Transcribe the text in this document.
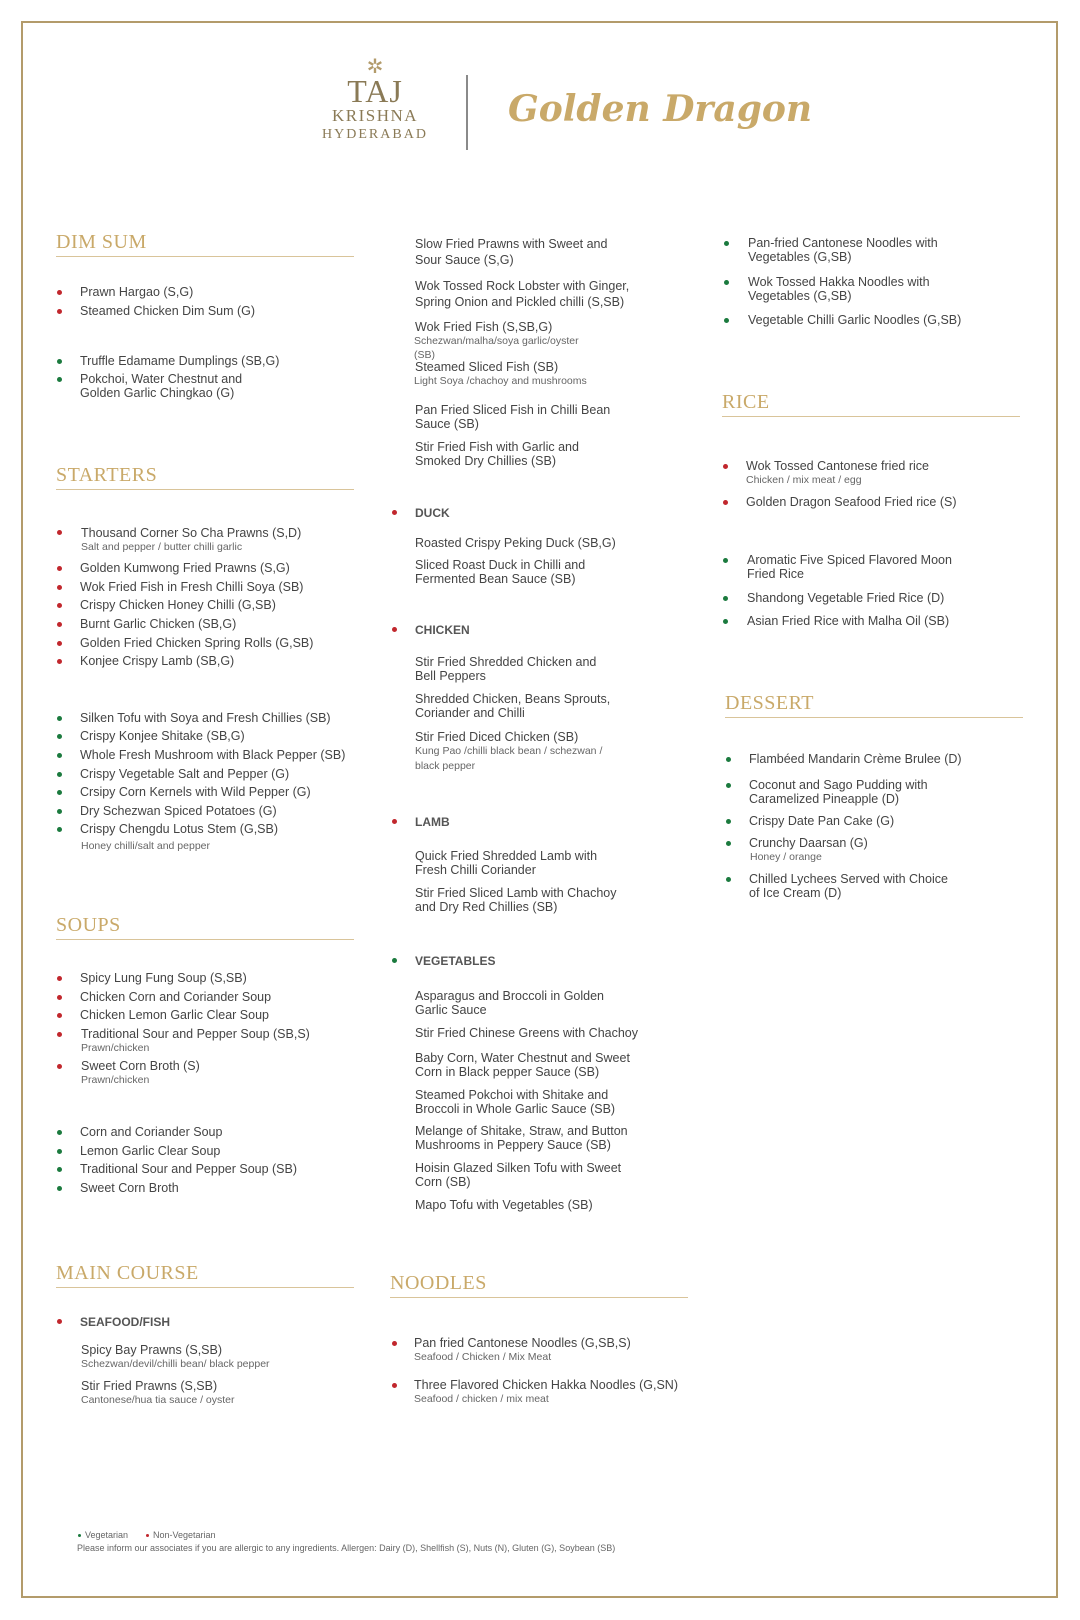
✲
TAJ
KRISHNA
HYDERABAD
Golden Dragon
DIM SUM
Prawn Hargao (S,G)
Steamed Chicken Dim Sum (G)
Truffle Edamame Dumplings (SB,G)
Pokchoi, Water Chestnut and
Golden Garlic Chingkao (G)
STARTERS
Thousand Corner So Cha Prawns (S,D)
Salt and pepper / butter chilli garlic
Golden Kumwong Fried Prawns (S,G)
Wok Fried Fish in Fresh Chilli Soya (SB)
Crispy Chicken Honey Chilli (G,SB)
Burnt Garlic Chicken (SB,G)
Golden Fried Chicken Spring Rolls (G,SB)
Konjee Crispy Lamb (SB,G)
Silken Tofu with Soya and Fresh Chillies (SB)
Crispy Konjee Shitake (SB,G)
Whole Fresh Mushroom with Black Pepper (SB)
Crispy Vegetable Salt and Pepper (G)
Crsipy Corn Kernels with Wild Pepper (G)
Dry Schezwan Spiced Potatoes (G)
Crispy Chengdu Lotus Stem (G,SB)
Honey chilli/salt and pepper
SOUPS
Spicy Lung Fung Soup (S,SB)
Chicken Corn and Coriander Soup
Chicken Lemon Garlic Clear Soup
Traditional Sour and Pepper Soup (SB,S)
Prawn/chicken
Sweet Corn Broth (S)
Prawn/chicken
Corn and Coriander Soup
Lemon Garlic Clear Soup
Traditional Sour and Pepper Soup (SB)
Sweet Corn Broth
MAIN COURSE
SEAFOOD/FISH
Spicy Bay Prawns (S,SB)
Schezwan/devil/chilli bean/ black pepper
Stir Fried Prawns (S,SB)
Cantonese/hua tia sauce / oyster
Slow Fried Prawns with Sweet and
Sour Sauce (S,G)
Wok Tossed Rock Lobster with Ginger,
Spring Onion and Pickled chilli (S,SB)
Wok Fried Fish (S,SB,G)
Schezwan/malha/soya garlic/oyster
(SB)
Steamed Sliced Fish (SB)
Light Soya /chachoy and mushrooms
Pan Fried Sliced Fish in Chilli Bean
Sauce (SB)
Stir Fried Fish with Garlic and
Smoked Dry Chillies (SB)
DUCK
Roasted Crispy Peking Duck (SB,G)
Sliced Roast Duck in Chilli and
Fermented Bean Sauce (SB)
CHICKEN
Stir Fried Shredded Chicken and
Bell Peppers
Shredded Chicken, Beans Sprouts,
Coriander and Chilli
Stir Fried Diced Chicken (SB)
Kung Pao /chilli black bean / schezwan /
black pepper
LAMB
Quick Fried Shredded Lamb with
Fresh Chilli Coriander
Stir Fried Sliced Lamb with Chachoy
and Dry Red Chillies (SB)
VEGETABLES
Asparagus and Broccoli in Golden
Garlic Sauce
Stir Fried Chinese Greens with Chachoy
Baby Corn, Water Chestnut and Sweet
Corn in Black pepper Sauce (SB)
Steamed Pokchoi with Shitake and
Broccoli in Whole Garlic Sauce (SB)
Melange of Shitake, Straw, and Button
Mushrooms in Peppery Sauce (SB)
Hoisin Glazed Silken Tofu with Sweet
Corn (SB)
Mapo Tofu with Vegetables (SB)
NOODLES
Pan fried Cantonese Noodles (G,SB,S)
Seafood / Chicken / Mix Meat
Three Flavored Chicken Hakka Noodles (G,SN)
Seafood / chicken / mix meat
Pan-fried Cantonese Noodles with
Vegetables (G,SB)
Wok Tossed Hakka Noodles with
Vegetables (G,SB)
Vegetable Chilli Garlic Noodles (G,SB)
RICE
Wok Tossed Cantonese fried rice
Chicken / mix meat / egg
Golden Dragon Seafood Fried rice (S)
Aromatic Five Spiced Flavored Moon
Fried Rice
Shandong Vegetable Fried Rice (D)
Asian Fried Rice with Malha Oil (SB)
DESSERT
Flambéed Mandarin Crème Brulee (D)
Coconut and Sago Pudding with
Caramelized Pineapple (D)
Crispy Date Pan Cake (G)
Crunchy Daarsan (G)
Honey / orange
Chilled Lychees Served with Choice
of Ice Cream (D)
Vegetarian	Non-Vegetarian
Please inform our associates if you are allergic to any ingredients. Allergen: Dairy (D), Shellfish (S), Nuts (N), Gluten (G), Soybean (SB)
